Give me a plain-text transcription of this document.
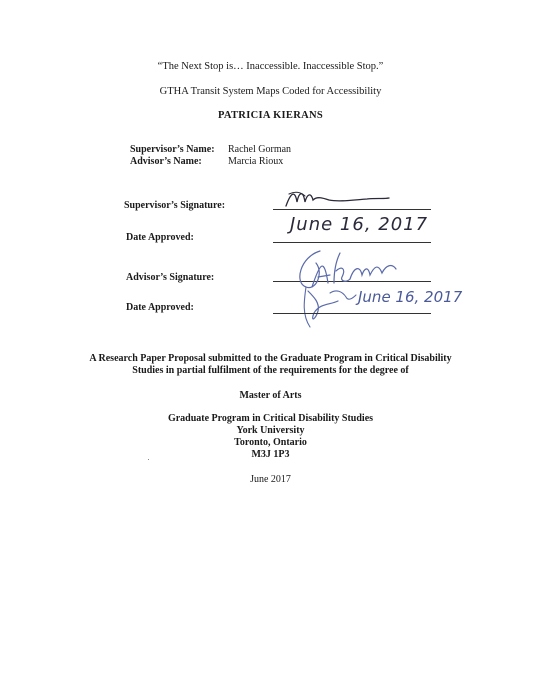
“The Next Stop is… Inaccessible. Inaccessible Stop.”
GTHA Transit System Maps Coded for Accessibility
PATRICIA KIERANS
Supervisor’s Name: Rachel Gorman
Advisor’s Name:	Marcia Rioux
Supervisor’s Signature:
Date Approved:
June 16, 2017
Advisor’s Signature:
Date Approved:
June 16, 2017
A Research Paper Proposal submitted to the Graduate Program in Critical Disability
Studies in partial fulfilment of the requirements for the degree of
Master of Arts
Graduate Program in Critical Disability Studies
York University
Toronto, Ontario
M3J 1P3
June 2017
